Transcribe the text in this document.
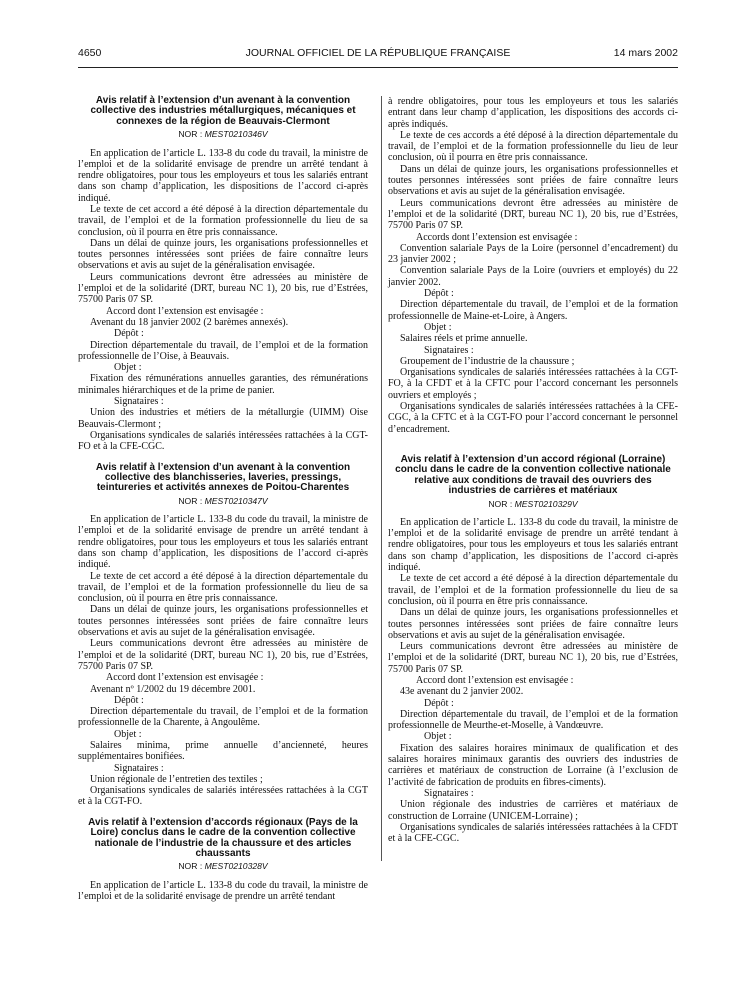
4650	JOURNAL OFFICIEL DE LA RÉPUBLIQUE FRANÇAISE	14 mars 2002
Avis relatif à l’extension d’un avenant à la convention collective des industries métallurgiques, mécaniques et connexes de la région de Beauvais-Clermont
NOR : MEST0210346V

En application de l’article L. 133-8 du code du travail, la ministre de l’emploi et de la solidarité envisage de prendre un arrêté tendant à rendre obligatoires, pour tous les employeurs et tous les salariés entrant dans son champ d’application, les dispositions de l’accord ci-après indiqué.

Le texte de cet accord a été déposé à la direction départementale du travail, de l’emploi et de la formation professionnelle du lieu de sa conclusion, où il pourra en être pris connaissance.

Dans un délai de quinze jours, les organisations professionnelles et toutes personnes intéressées sont priées de faire connaître leurs observations et avis au sujet de la généralisation envisagée.

Leurs communications devront être adressées au ministère de l’emploi et de la solidarité (DRT, bureau NC 1), 20 bis, rue d’Estrées, 75700 Paris 07 SP.

Accord dont l’extension est envisagée :

Avenant du 18 janvier 2002 (2 barèmes annexés).

Dépôt :

Direction départementale du travail, de l’emploi et de la formation professionnelle de l’Oise, à Beauvais.

Objet :

Fixation des rémunérations annuelles garanties, des rémunérations minimales hiérarchiques et de la prime de panier.

Signataires :

Union des industries et métiers de la métallurgie (UIMM) Oise Beauvais-Clermont ;

Organisations syndicales de salariés intéressées rattachées à la CGT-FO et à la CFE-CGC.

Avis relatif à l’extension d’un avenant à la convention collective des blanchisseries, laveries, pressings, teintureries et activités annexes de Poitou-Charentes
NOR : MEST0210347V

En application de l’article L. 133-8 du code du travail, la ministre de l’emploi et de la solidarité envisage de prendre un arrêté tendant à rendre obligatoires, pour tous les employeurs et tous les salariés entrant dans son champ d’application, les dispositions de l’accord ci-après indiqué.

Le texte de cet accord a été déposé à la direction départementale du travail, de l’emploi et de la formation professionnelle du lieu de sa conclusion, où il pourra en être pris connaissance.

Dans un délai de quinze jours, les organisations professionnelles et toutes personnes intéressées sont priées de faire connaître leurs observations et avis au sujet de la généralisation envisagée.

Leurs communications devront être adressées au ministère de l’emploi et de la solidarité (DRT, bureau NC 1), 20 bis, rue d’Estrées, 75700 Paris 07 SP.

Accord dont l’extension est envisagée :

Avenant nº 1/2002 du 19 décembre 2001.

Dépôt :

Direction départementale du travail, de l’emploi et de la formation professionnelle de la Charente, à Angoulême.

Objet :

Salaires minima, prime annuelle d’ancienneté, heures supplémentaires bonifiées.

Signataires :

Union régionale de l’entretien des textiles ;

Organisations syndicales de salariés intéressées rattachées à la CGT et à la CGT-FO.

Avis relatif à l’extension d’accords régionaux (Pays de la Loire) conclus dans le cadre de la convention collective nationale de l’industrie de la chaussure et des articles chaussants
NOR : MEST0210328V

En application de l’article L. 133-8 du code du travail, la ministre de l’emploi et de la solidarité envisage de prendre un arrêté tendant

à rendre obligatoires, pour tous les employeurs et tous les salariés entrant dans leur champ d’application, les dispositions des accords ci-après indiqués.

Le texte de ces accords a été déposé à la direction départementale du travail, de l’emploi et de la formation professionnelle du lieu de leur conclusion, où il pourra en être pris connaissance.

Dans un délai de quinze jours, les organisations professionnelles et toutes personnes intéressées sont priées de faire connaître leurs observations et avis au sujet de la généralisation envisagée.

Leurs communications devront être adressées au ministère de l’emploi et de la solidarité (DRT, bureau NC 1), 20 bis, rue d’Estrées, 75700 Paris 07 SP.

Accords dont l’extension est envisagée :

Convention salariale Pays de la Loire (personnel d’encadrement) du 23 janvier 2002 ;

Convention salariale Pays de la Loire (ouvriers et employés) du 22 janvier 2002.

Dépôt :

Direction départementale du travail, de l’emploi et de la formation professionnelle de Maine-et-Loire, à Angers.

Objet :

Salaires réels et prime annuelle.

Signataires :

Groupement de l’industrie de la chaussure ;

Organisations syndicales de salariés intéressées rattachées à la CGT-FO, à la CFDT et à la CFTC pour l’accord concernant les personnels ouvriers et employés ;

Organisations syndicales de salariés intéressées rattachées à la CFE-CGC, à la CFTC et à la CGT-FO pour l’accord concernant le personnel d’encadrement.

Avis relatif à l’extension d’un accord régional (Lorraine) conclu dans le cadre de la convention collective nationale relative aux conditions de travail des ouvriers des industries de carrières et matériaux
NOR : MEST0210329V

En application de l’article L. 133-8 du code du travail, la ministre de l’emploi et de la solidarité envisage de prendre un arrêté tendant à rendre obligatoires, pour tous les employeurs et tous les salariés entrant dans son champ d’application, les dispositions de l’accord ci-après indiqué.

Le texte de cet accord a été déposé à la direction départementale du travail, de l’emploi et de la formation professionnelle du lieu de sa conclusion, où il pourra en être pris connaissance.

Dans un délai de quinze jours, les organisations professionnelles et toutes personnes intéressées sont priées de faire connaître leurs observations et avis au sujet de la généralisation envisagée.

Leurs communications devront être adressées au ministère de l’emploi et de la solidarité (DRT, bureau NC 1), 20 bis, rue d’Estrées, 75700 Paris 07 SP.

Accord dont l’extension est envisagée :

43e avenant du 2 janvier 2002.

Dépôt :

Direction départementale du travail, de l’emploi et de la formation professionnelle de Meurthe-et-Moselle, à Vandœuvre.

Objet :

Fixation des salaires horaires minimaux de qualification et des salaires horaires minimaux garantis des ouvriers des industries de carrières et matériaux de construction de Lorraine (à l’exclusion de l’activité de fabrication de produits en fibres-ciments).

Signataires :

Union régionale des industries de carrières et matériaux de construction de Lorraine (UNICEM-Lorraine) ;

Organisations syndicales de salariés intéressées rattachées à la CFDT et à la CFE-CGC.
